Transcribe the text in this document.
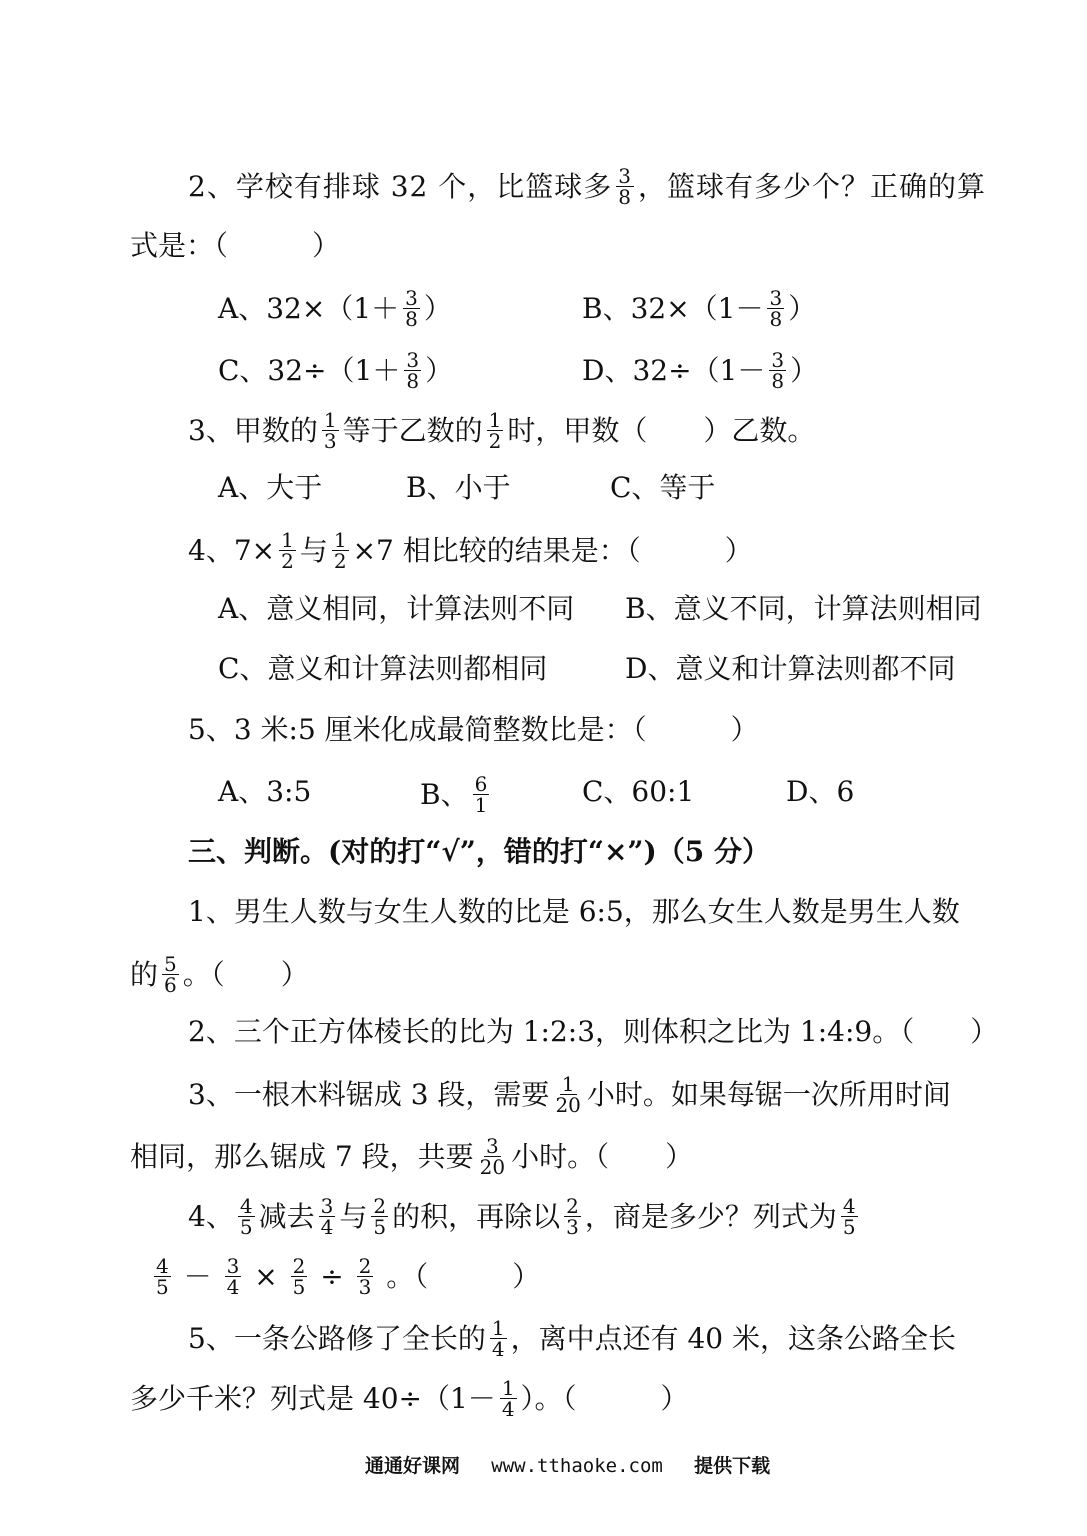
2、学校有排球 32 个，比篮球多 $\frac{3}{8}$ ，篮球有多少个？正确的算
式是：（　　　）
A、$32\times(1+ \frac{3}{8}$ ）	B、$32\times(1- \frac{3}{8}$ ）
C、$32\div(1+ \frac{3}{8}$ ）	D、$32\div(1- \frac{3}{8}$ ）
3、甲数的 $\frac{1}{3}$ 等于乙数的 $\frac{1}{2}$ 时，甲数（　　）乙数。
A、大于	B、小于	C、等于
4、$7\times \frac{1}{2}$ 与 $\frac{1}{2} \times 7$ 相比较的结果是：（　　　）
A、意义相同，计算法则不同 B、意义不同，计算法则相同
C、意义和计算法则都相同	D、意义和计算法则都不同
5、3 米:5 厘米化成最简整数比是：（　　　）
A、3:5	B、 $\frac{6}{1}$	C、60:1	D、6
三、判断。(对的打“√”，错的打“×”)（5 分）
1、男生人数与女生人数的比是 6:5，那么女生人数是男生人数
的 $\frac{5}{6}$ 。（　　）
2、三个正方体棱长的比为 1:2:3，则体积之比为 1:4:9。（　　）
3、一根木料锯成 3 段，需要 $\frac{1}{20}$ 小时。如果每锯一次所用时间
相同，那么锯成 7 段，共要 $\frac{3}{20}$ 小时。（　　）
4、 $\frac{4}{5}$ 减去 $\frac{3}{4}$ 与 $\frac{2}{5}$ 的积，再除以 $\frac{2}{3}$ ，商是多少？列式为 $\frac{4}{5}$
$\frac{4}{5} - \frac{3}{4} \times \frac{2}{5} \div \frac{2}{3}$ 。（　　　）
5、一条公路修了全长的 $\frac{1}{4}$ ，离中点还有 40 米，这条公路全长
多少千米？列式是 $40\div(1- \frac{1}{4}$ ）。（　　　）
通通好课网 www.tthaoke.com 提供下载
